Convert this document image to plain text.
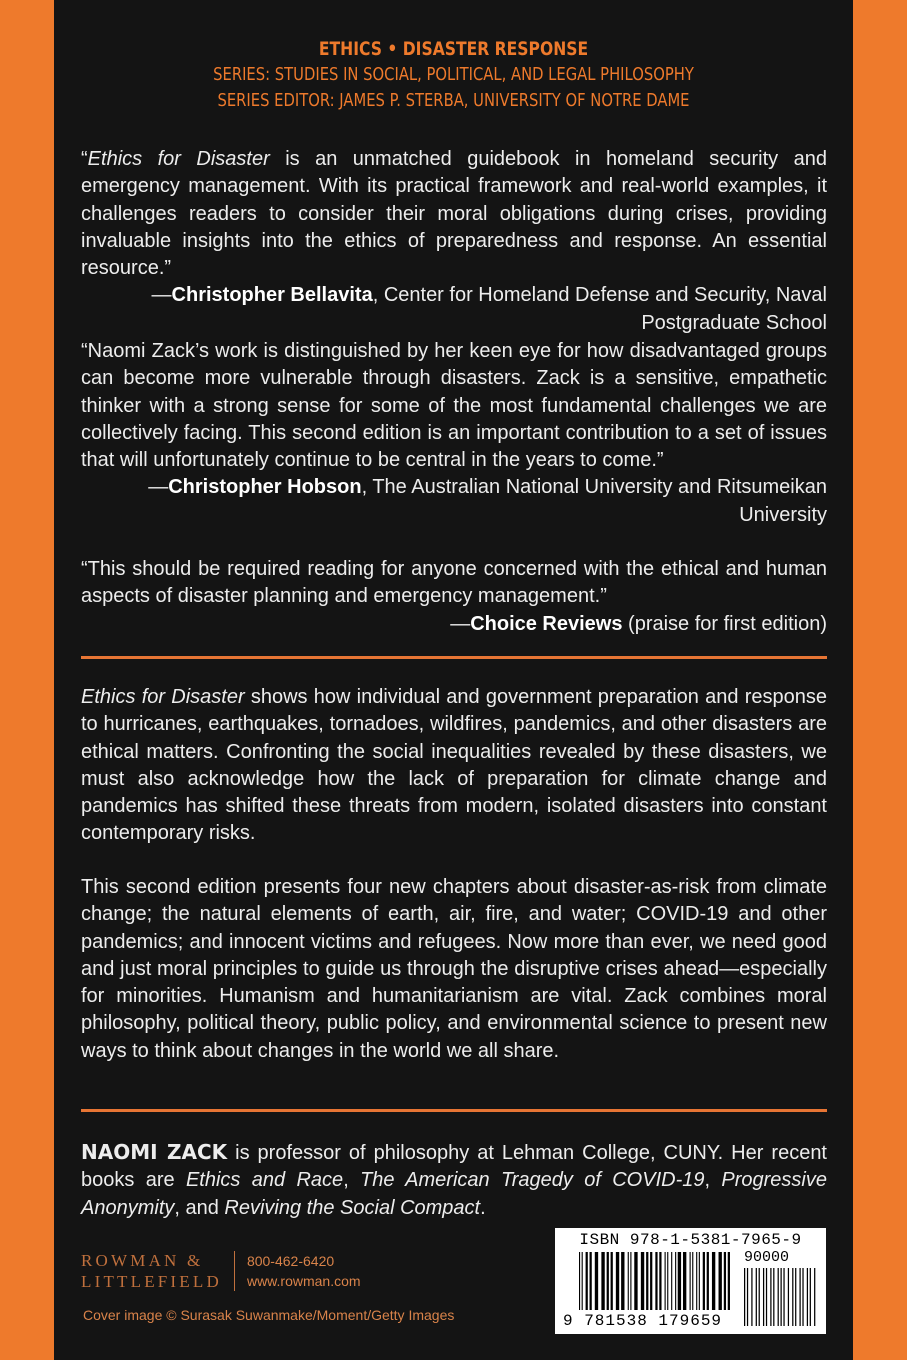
ETHICS • DISASTER RESPONSE
SERIES: STUDIES IN SOCIAL, POLITICAL, AND LEGAL PHILOSOPHY
SERIES EDITOR: JAMES P. STERBA, UNIVERSITY OF NOTRE DAME

“Ethics for Disaster is an unmatched guidebook in homeland security and emergency management. With its practical framework and real-world examples, it challenges readers to consider their moral obligations during crises, providing invaluable insights into the ethics of preparedness and response. An essential resource.”

—Christopher Bellavita, Center for Homeland Defense and Security, Naval Postgraduate School

“Naomi Zack’s work is distinguished by her keen eye for how disadvantaged groups can become more vulnerable through disasters. Zack is a sensitive, empathetic thinker with a strong sense for some of the most fundamental challenges we are collectively facing. This second edition is an important contribution to a set of issues that will unfortunately continue to be central in the years to come.”

—Christopher Hobson, The Australian National University and Ritsumeikan University

“This should be required reading for anyone concerned with the ethical and human aspects of disaster planning and emergency management.”

—Choice Reviews (praise for first edition)

Ethics for Disaster shows how individual and government preparation and response to hurricanes, earthquakes, tornadoes, wildfires, pandemics, and other disasters are ethical matters. Confronting the social inequalities revealed by these disasters, we must also acknowledge how the lack of preparation for climate change and pandemics has shifted these threats from modern, isolated disasters into constant contemporary risks.

This second edition presents four new chapters about disaster-as-risk from climate change; the natural elements of earth, air, fire, and water; COVID-19 and other pandemics; and innocent victims and refugees. Now more than ever, we need good and just moral principles to guide us through the disruptive crises ahead—especially for minorities. Humanism and humanitarianism are vital. Zack combines moral philosophy, political theory, public policy, and environmental science to present new ways to think about changes in the world we all share.

NAOMI ZACK is professor of philosophy at Lehman College, CUNY. Her recent books are Ethics and Race, The American Tragedy of COVID-19, Progressive Anonymity, and Reviving the Social Compact.

ROWMAN &
LITTLEFIELD
800-462-6420
www.rowman.com
Cover image © Surasak Suwanmake/Moment/Getty Images
ISBN 978-1-5381-7965-9
90000
9 781538 179659
